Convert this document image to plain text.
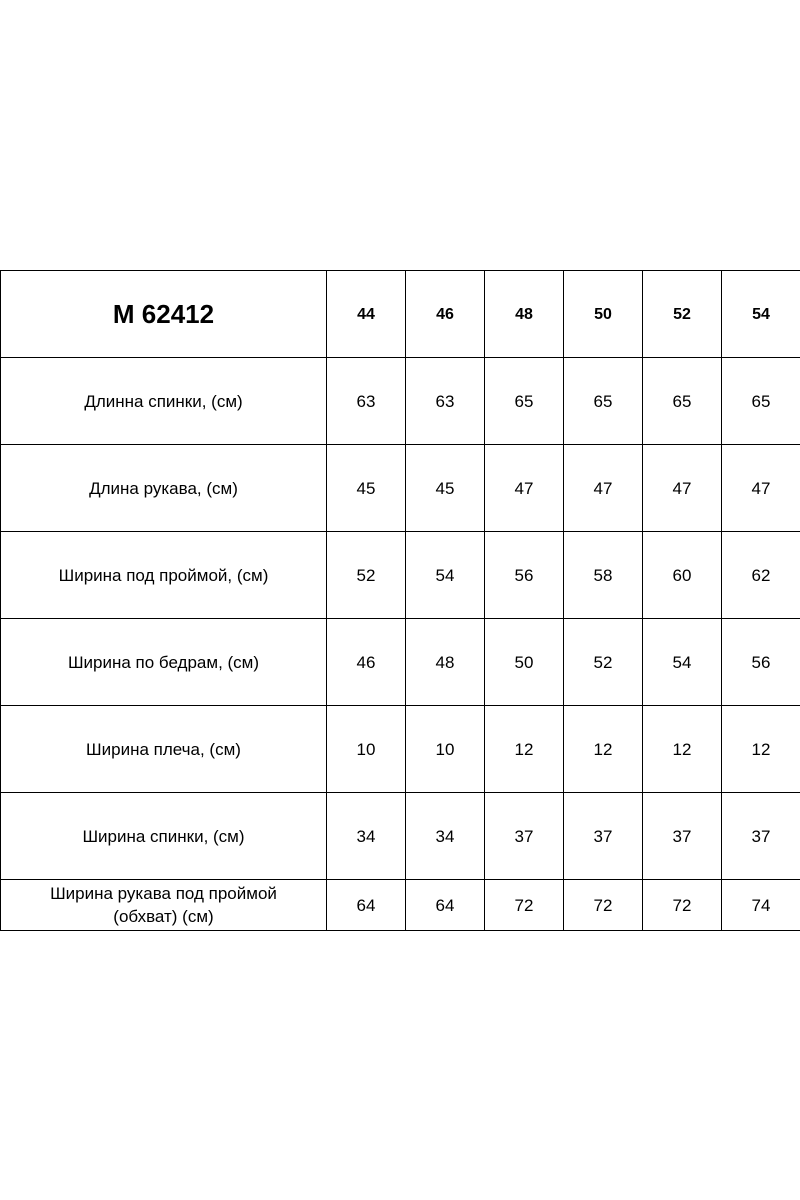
M 62412	44	46	48	50	52	54
Длинна спинки, (см)	63	63	65	65	65	65
Длина рукава, (см)	45	45	47	47	47	47
Ширина под проймой, (см)	52	54	56	58	60	62
Ширина по бедрам, (см)	46	48	50	52	54	56
Ширина плеча, (см)	10	10	12	12	12	12
Ширина спинки, (см)	34	34	37	37	37	37
Ширина рукава под проймой (обхват) (см)	64	64	72	72	72	74
